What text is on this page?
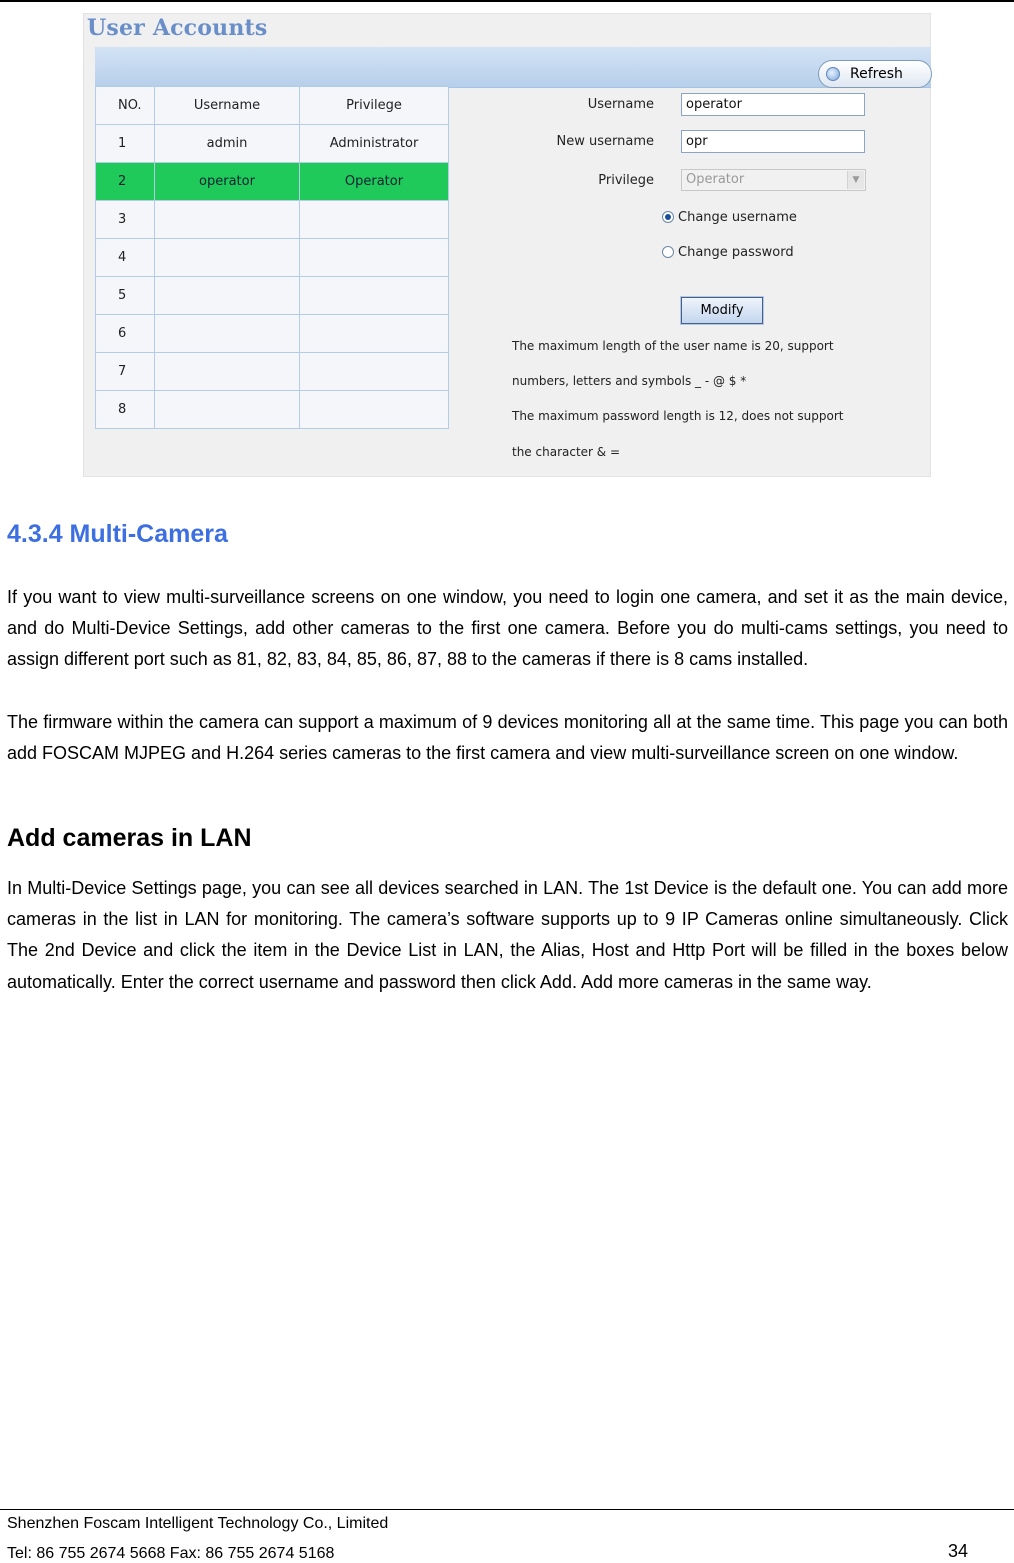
User Accounts
Refresh
NO.	Username	Privilege
1	admin	Administrator
2	operator	Operator
3		
4		
5		
6		
7		
8		
Username	operator
New username	opr
Privilege	Operator	▼
Change username
Change password
Modify
The maximum length of the user name is 20, support
numbers, letters and symbols _ - @ $ *
The maximum password length is 12, does not support
the character & =
4.3.4 Multi-Camera
If you want to view multi-surveillance screens on one window, you need to login one camera, and set it as the main device, and do Multi-Device Settings, add other cameras to the first one camera. Before you do multi-cams settings, you need to assign different port such as 81, 82, 83, 84, 85, 86, 87, 88 to the cameras if there is 8 cams installed.
The firmware within the camera can support a maximum of 9 devices monitoring all at the same time. This page you can both add FOSCAM MJPEG and H.264 series cameras to the first camera and view multi-surveillance screen on one window.
Add cameras in LAN
In Multi-Device Settings page, you can see all devices searched in LAN. The 1st Device is the default one. You can add more cameras in the list in LAN for monitoring. The camera’s software supports up to 9 IP Cameras online simultaneously. Click The 2nd Device and click the item in the Device List in LAN, the Alias, Host and Http Port will be filled in the boxes below automatically. Enter the correct username and password then click Add. Add more cameras in the same way.
Shenzhen Foscam Intelligent Technology Co., Limited
Tel: 86 755 2674 5668 Fax: 86 755 2674 5168	34
